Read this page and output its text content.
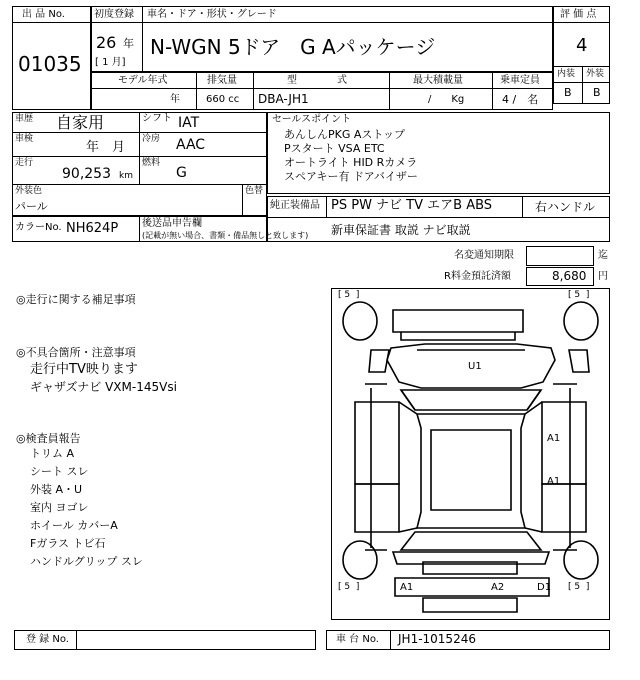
出 品 No.
01035
初度登録 車名・ドア・形状・グレード
26 年
[ 1 月]
N-WGN 5ドア　G Aパッケージ
評 価 点
4
内装 外装
B B
モデル年式	排気量	型　　　　式	最大積載量	乗車定員
年	660 cc DBA-JH1	/　　Kg	4 /　名
車歴 自家用	シフト IAT
車検
年　月
冷房 AAC
走行
90,253 km
燃料
G
外装色
パール
色替
カラーNo. NH624P 後送品申告欄
(記載が無い場合、書類・備品無しと致します)
セールスポイント
あんしんPKG Aストップ
Pスタート VSA ETC
オートライト HID Rカメラ
スペアキー有 ドアバイザー
純正装備品 PS PW ナビ TV エアB ABS	右ハンドル
新車保証書 取説 ナビ取説
名変通知期限	迄
R料金預託済額	8,680 円
◎走行に関する補足事項
◎不具合箇所・注意事項
走行中TV映ります
ギャザズナビ VXM-145Vsi
◎検査員報告
トリム A
シート スレ
外装 A・U
室内 ヨゴレ
ホイール カバーA
Fガラス トビ石
ハンドルグリップ スレ
[ 5  ]	[ 5  ]
[ 5  ]	[ 5  ]
U1
A1
A1
A1	A2	D1
登 録 No.	車 台 No. JH1-1015246
